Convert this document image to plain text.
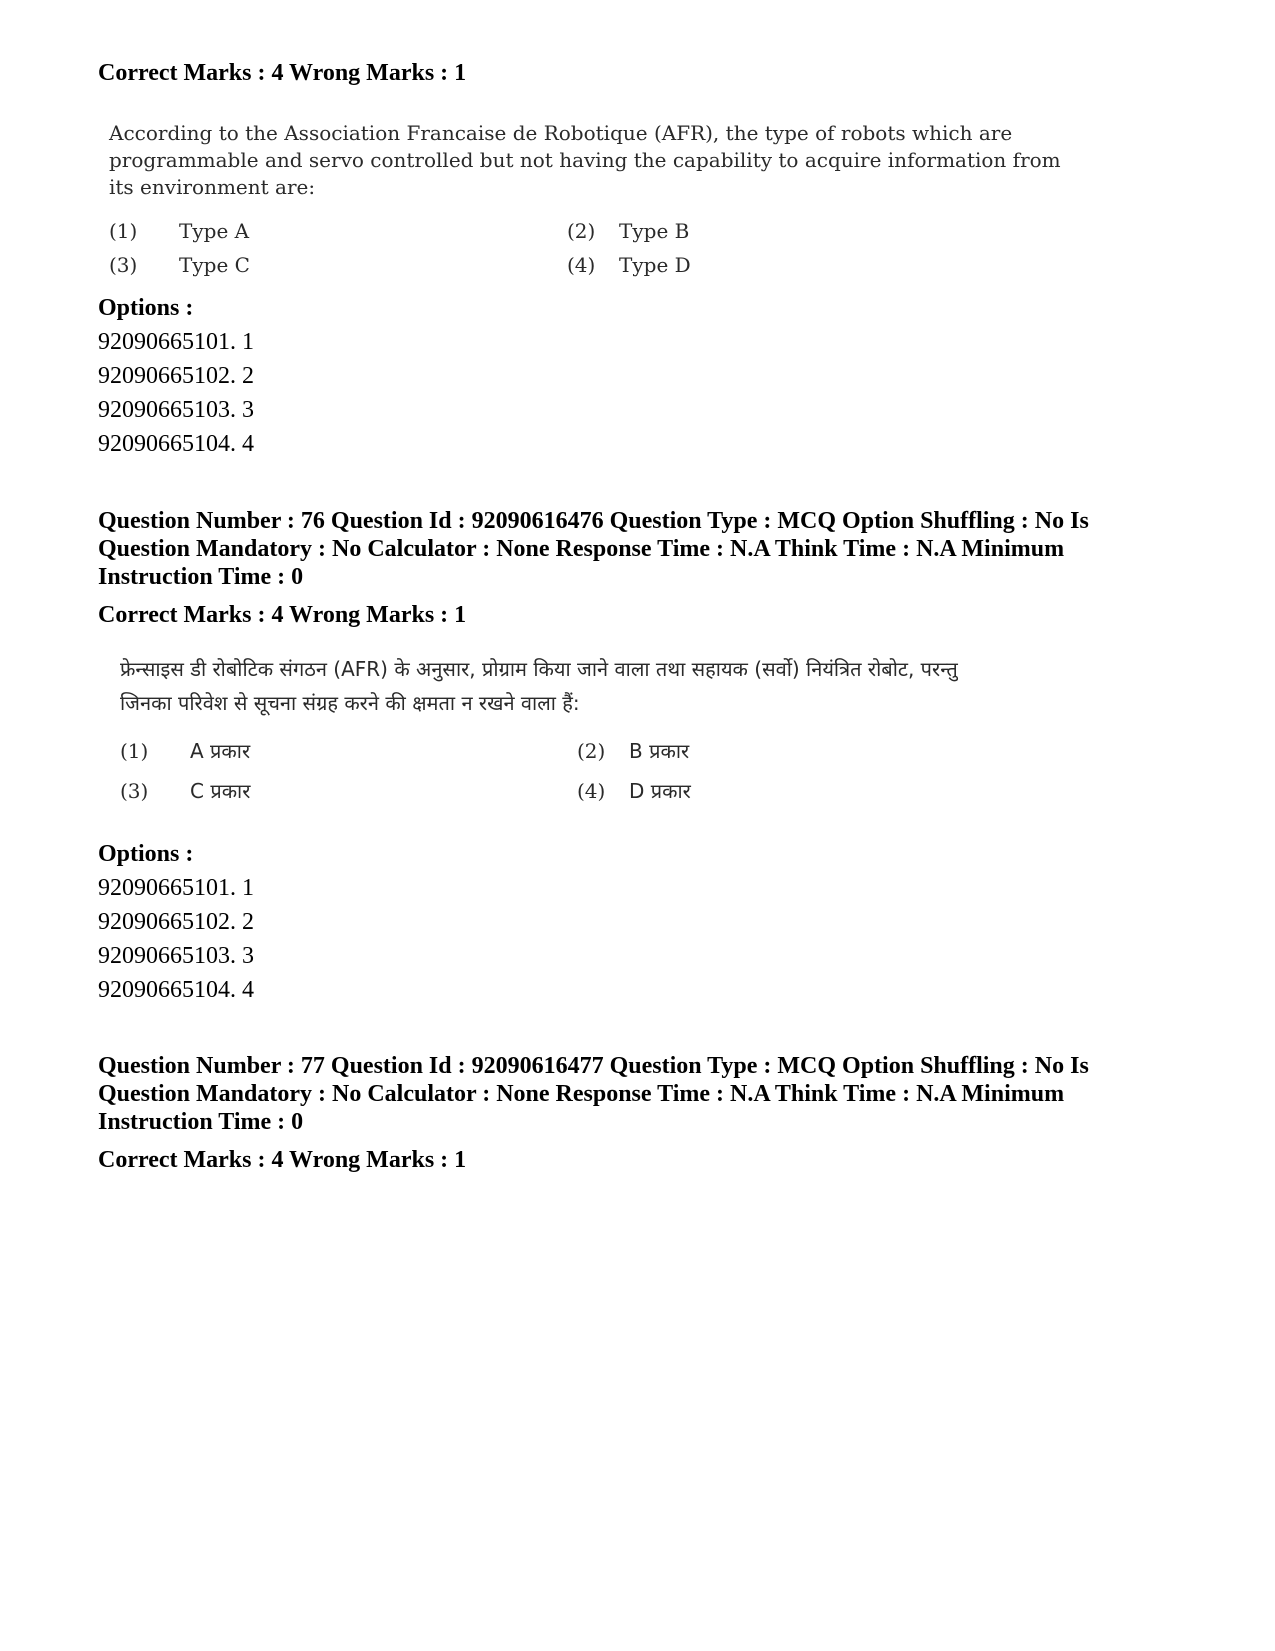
Correct Marks : 4 Wrong Marks : 1
According to the Association Francaise de Robotique (AFR), the type of robots which are
programmable and servo controlled but not having the capability to acquire information from
its environment are:
(1) Type A	(2) Type B
(3) Type C	(4) Type D
Options :
92090665101. 1
92090665102. 2
92090665103. 3
92090665104. 4
Question Number : 76 Question Id : 92090616476 Question Type : MCQ Option Shuffling : No Is
Question Mandatory : No Calculator : None Response Time : N.A Think Time : N.A Minimum
Instruction Time : 0
Correct Marks : 4 Wrong Marks : 1
फ्रेन्साइस डी रोबोटिक संगठन (AFR) के अनुसार, प्रोग्राम किया जाने वाला तथा सहायक (सर्वो) नियंत्रित रोबोट, परन्तु
जिनका परिवेश से सूचना संग्रह करने की क्षमता न रखने वाला हैं:
(1) A प्रकार	(2) B प्रकार
(3) C प्रकार	(4) D प्रकार
Options :
92090665101. 1
92090665102. 2
92090665103. 3
92090665104. 4
Question Number : 77 Question Id : 92090616477 Question Type : MCQ Option Shuffling : No Is
Question Mandatory : No Calculator : None Response Time : N.A Think Time : N.A Minimum
Instruction Time : 0
Correct Marks : 4 Wrong Marks : 1
